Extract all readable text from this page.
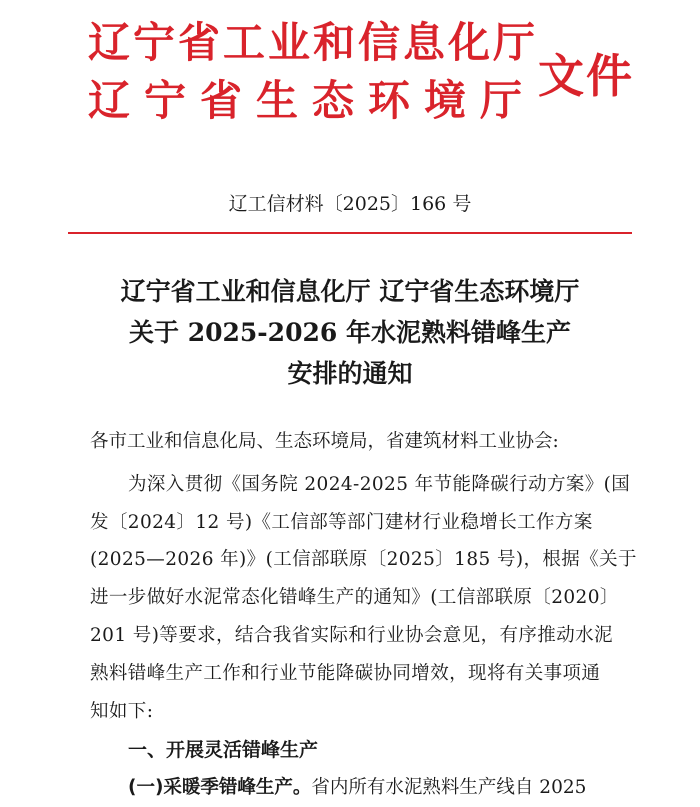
辽宁省工业和信息化厅
辽宁省生态环境厅 文件
辽工信材料〔2025〕166 号
辽宁省工业和信息化厅 辽宁省生态环境厅
关于 2025-2026 年水泥熟料错峰生产
安排的通知
各市工业和信息化局、生态环境局，省建筑材料工业协会:
为深入贯彻《国务院 2024-2025 年节能降碳行动方案》(国
发〔2024〕12 号)《工信部等部门建材行业稳增长工作方案
(2025—2026 年)》(工信部联原〔2025〕185 号)，根据《关于
进一步做好水泥常态化错峰生产的通知》(工信部联原〔2020〕
201 号)等要求，结合我省实际和行业协会意见，有序推动水泥
熟料错峰生产工作和行业节能降碳协同增效，现将有关事项通
知如下:
一、开展灵活错峰生产
(一)采暖季错峰生产。省内所有水泥熟料生产线自 2025
